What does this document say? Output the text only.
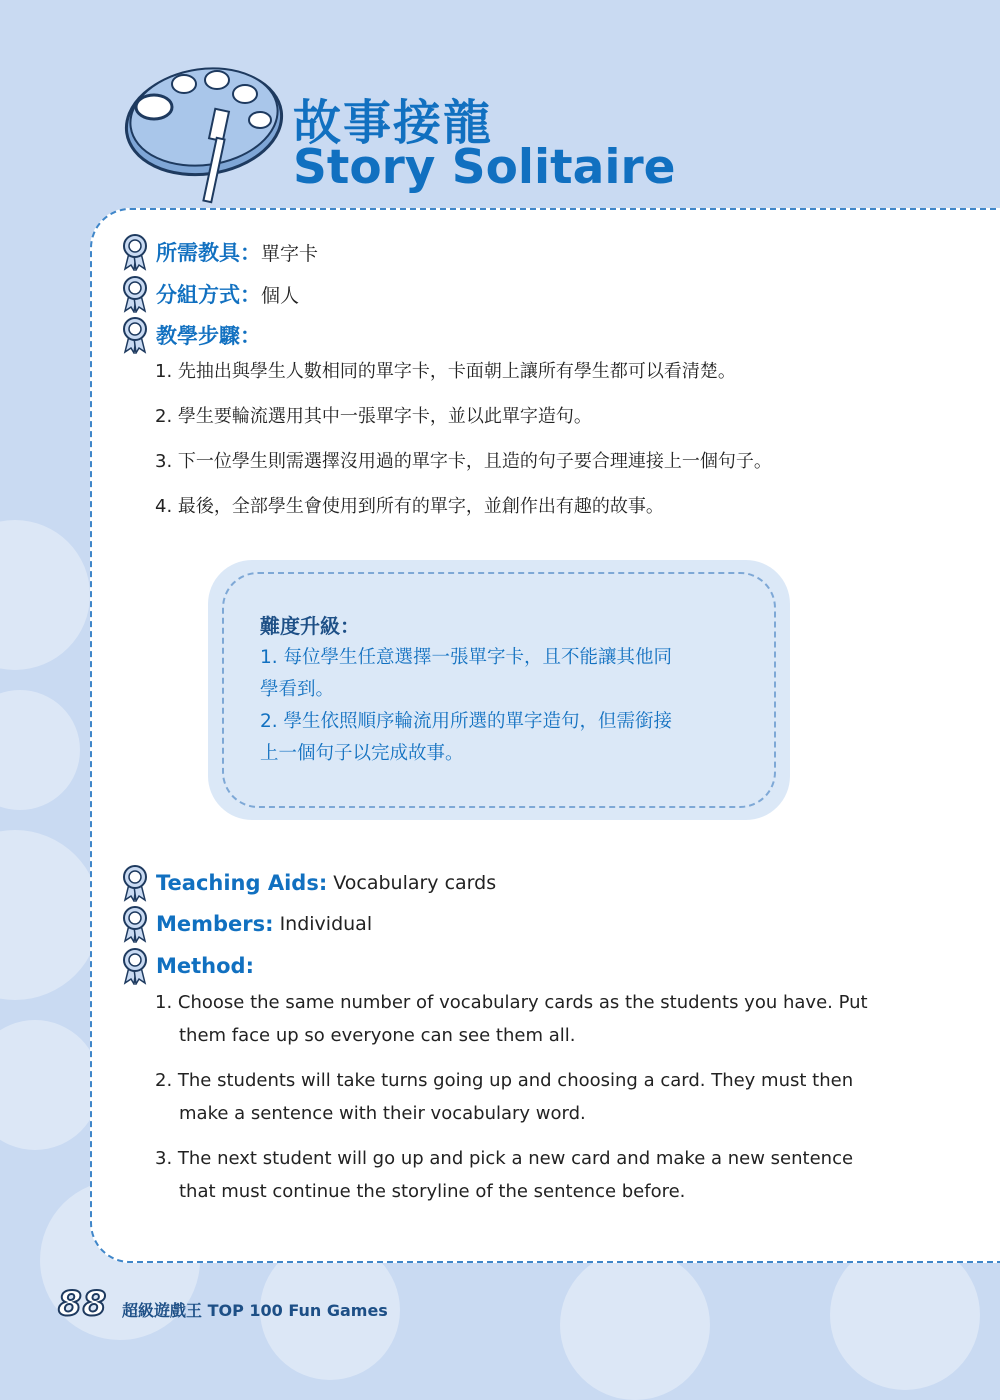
故事接龍
Story Solitaire
所需教具： 單字卡
分組方式： 個人
教學步驟：
1. 先抽出與學生人數相同的單字卡，卡面朝上讓所有學生都可以看清楚。
2. 學生要輪流選用其中一張單字卡，並以此單字造句。
3. 下一位學生則需選擇沒用過的單字卡，且造的句子要合理連接上一個句子。
4. 最後，全部學生會使用到所有的單字，並創作出有趣的故事。
難度升級：
1. 每位學生任意選擇一張單字卡，且不能讓其他同
學看到。
2. 學生依照順序輪流用所選的單字造句，但需銜接
上一個句子以完成故事。
Teaching Aids: Vocabulary cards
Members: Individual
Method:
1. Choose the same number of vocabulary cards as the students you have. Put them face up so everyone can see them all.
2. The students will take turns going up and choosing a card. They must then make a sentence with their vocabulary word.
3. The next student will go up and pick a new card and make a new sentence that must continue the storyline of the sentence before.
88 超級遊戲王 TOP 100 Fun Games
